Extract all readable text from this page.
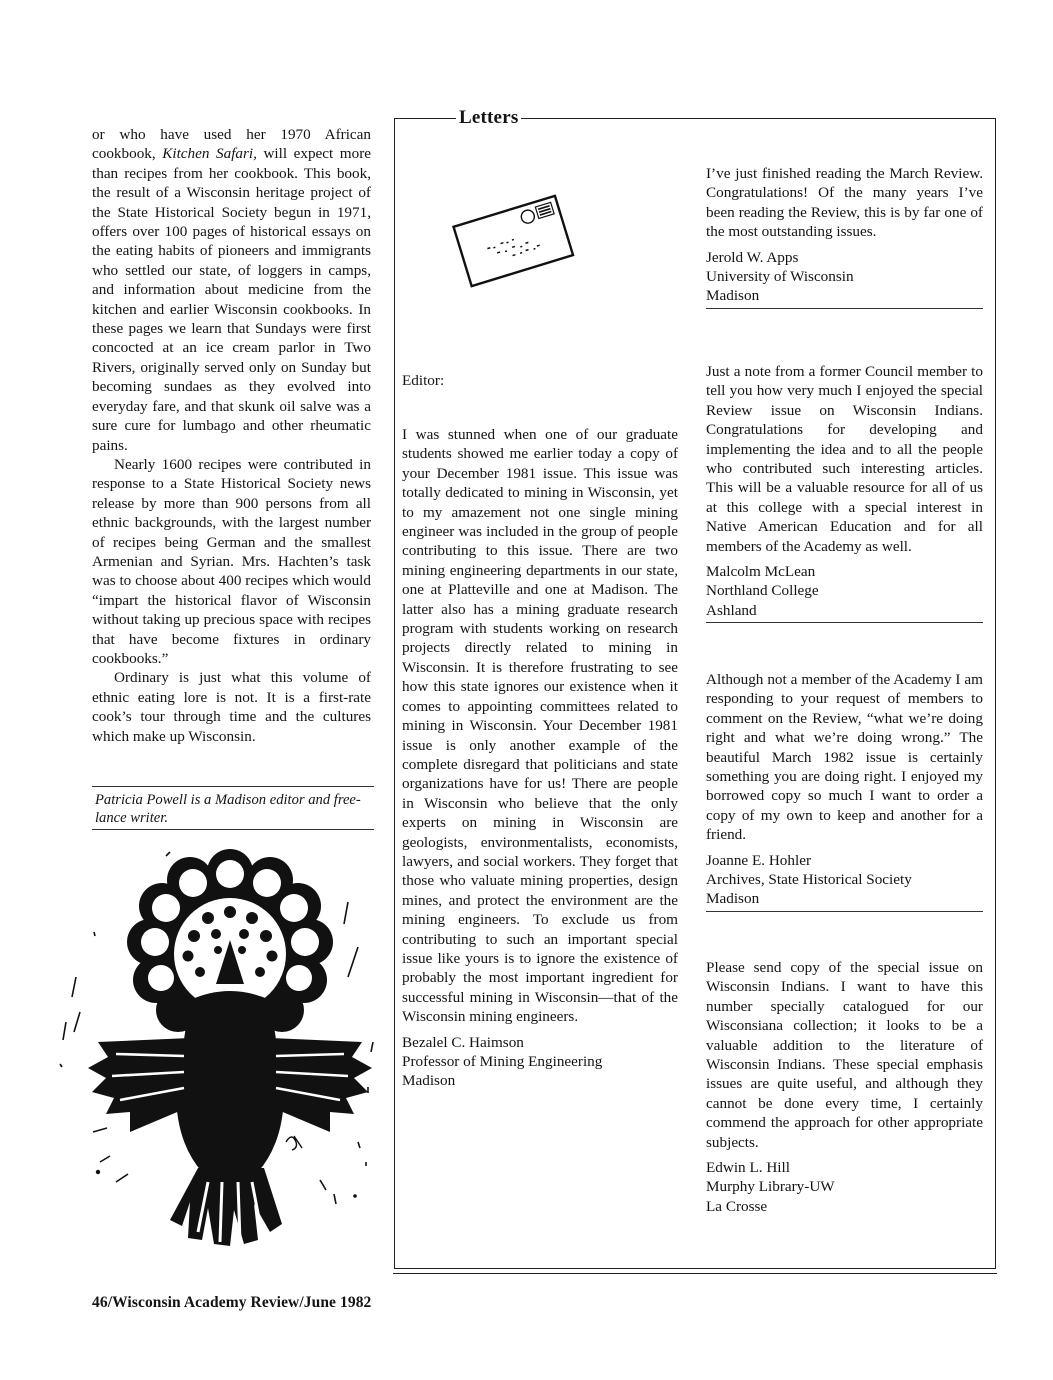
or who have used her 1970 African cookbook, Kitchen Safari, will expect more than recipes from her cookbook. This book, the result of a Wisconsin heritage project of the State Historical Society begun in 1971, offers over 100 pages of historical essays on the eating habits of pioneers and immigrants who settled our state, of loggers in camps, and information about medicine from the kitchen and earlier Wisconsin cookbooks. In these pages we learn that Sundays were first concocted at an ice cream parlor in Two Rivers, originally served only on Sunday but becoming sundaes as they evolved into everyday fare, and that skunk oil salve was a sure cure for lumbago and other rheumatic pains.

Nearly 1600 recipes were contributed in response to a State Historical Society news release by more than 900 persons from all ethnic backgrounds, with the largest number of recipes being German and the smallest Armenian and Syrian. Mrs. Hachten’s task was to choose about 400 recipes which would “impart the historical flavor of Wisconsin without taking up precious space with recipes that have become fixtures in ordinary cookbooks.”

Ordinary is just what this volume of ethnic eating lore is not. It is a first-rate cook’s tour through time and the cultures which make up Wisconsin.

Patricia Powell is a Madison editor and free-lance writer.
46/Wisconsin Academy Review/June 1982
Letters
Editor:

I was stunned when one of our graduate students showed me earlier today a copy of your December 1981 issue. This issue was totally dedicated to mining in Wisconsin, yet to my amazement not one single mining engineer was included in the group of people contributing to this issue. There are two mining engineering departments in our state, one at Platteville and one at Madison. The latter also has a mining graduate research program with students working on research projects directly related to mining in Wisconsin. It is therefore frustrating to see how this state ignores our existence when it comes to appointing committees related to mining in Wisconsin. Your December 1981 issue is only another example of the complete disregard that politicians and state organizations have for us! There are people in Wisconsin who believe that the only experts on mining in Wisconsin are geologists, environmentalists, economists, lawyers, and social workers. They forget that those who valuate mining properties, design mines, and protect the environment are the mining engineers. To exclude us from contributing to such an important special issue like yours is to ignore the existence of probably the most important ingredient for successful mining in Wisconsin—that of the Wisconsin mining engineers.

Bezalel C. Haimson
Professor of Mining Engineering
Madison

I’ve just finished reading the March Review. Congratulations! Of the many years I’ve been reading the Review, this is by far one of the most outstanding issues.

Jerold W. Apps
University of Wisconsin
Madison

Just a note from a former Council member to tell you how very much I enjoyed the special Review issue on Wisconsin Indians. Congratulations for developing and implementing the idea and to all the people who contributed such interesting articles. This will be a valuable resource for all of us at this college with a special interest in Native American Education and for all members of the Academy as well.

Malcolm McLean
Northland College
Ashland

Although not a member of the Academy I am responding to your request of members to comment on the Review, “what we’re doing right and what we’re doing wrong.” The beautiful March 1982 issue is certainly something you are doing right. I enjoyed my borrowed copy so much I want to order a copy of my own to keep and another for a friend.

Joanne E. Hohler
Archives, State Historical Society
Madison

Please send copy of the special issue on Wisconsin Indians. I want to have this number specially catalogued for our Wisconsiana collection; it looks to be a valuable addition to the literature of Wisconsin Indians. These special emphasis issues are quite useful, and although they cannot be done every time, I certainly commend the approach for other appropriate subjects.

Edwin L. Hill
Murphy Library-UW
La Crosse
